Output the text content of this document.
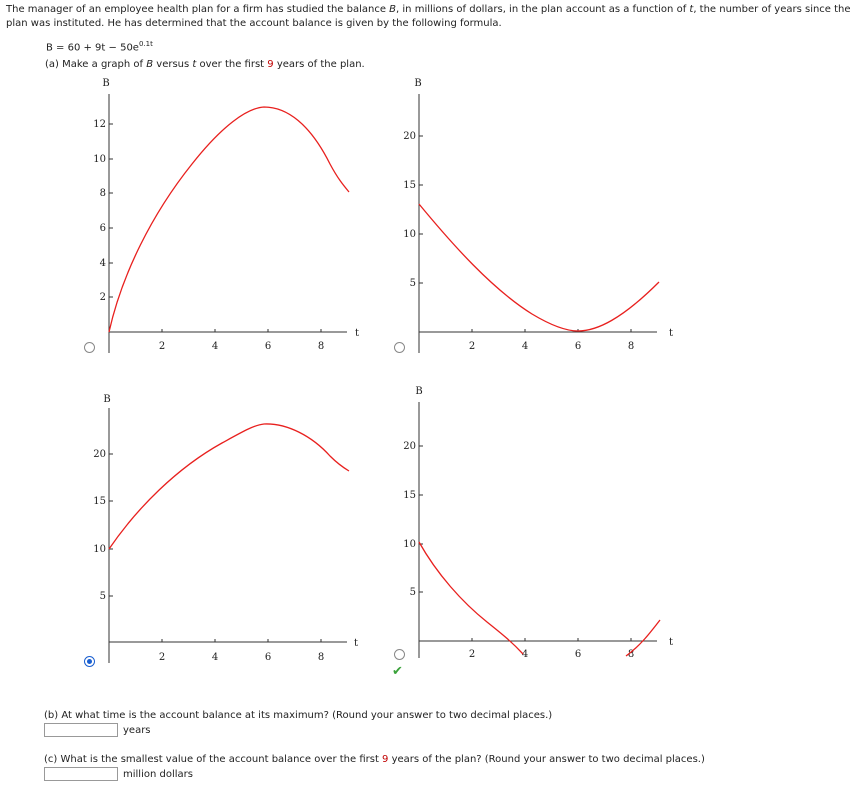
The manager of an employee health plan for a firm has studied the balance B, in millions of dollars, in the plan account as a function of t, the number of years since the plan was instituted. He has determined that the account balance is given by the following formula.
$B = 60 + 9t - 50e^{0.1t}$
(a) Make a graph of B versus t over the first 9 years of the plan.
B
t
2
4
6
8
10
12
2	4	6	8
B
t
5
10
15
20
2	4	6	8
B
t
5
10
15
20
2	4	6	8
✔
B
t
5
10
15
20
2	4	6	8
(b) At what time is the account balance at its maximum? (Round your answer to two decimal places.)
years
(c) What is the smallest value of the account balance over the first 9 years of the plan? (Round your answer to two decimal places.)
million dollars
